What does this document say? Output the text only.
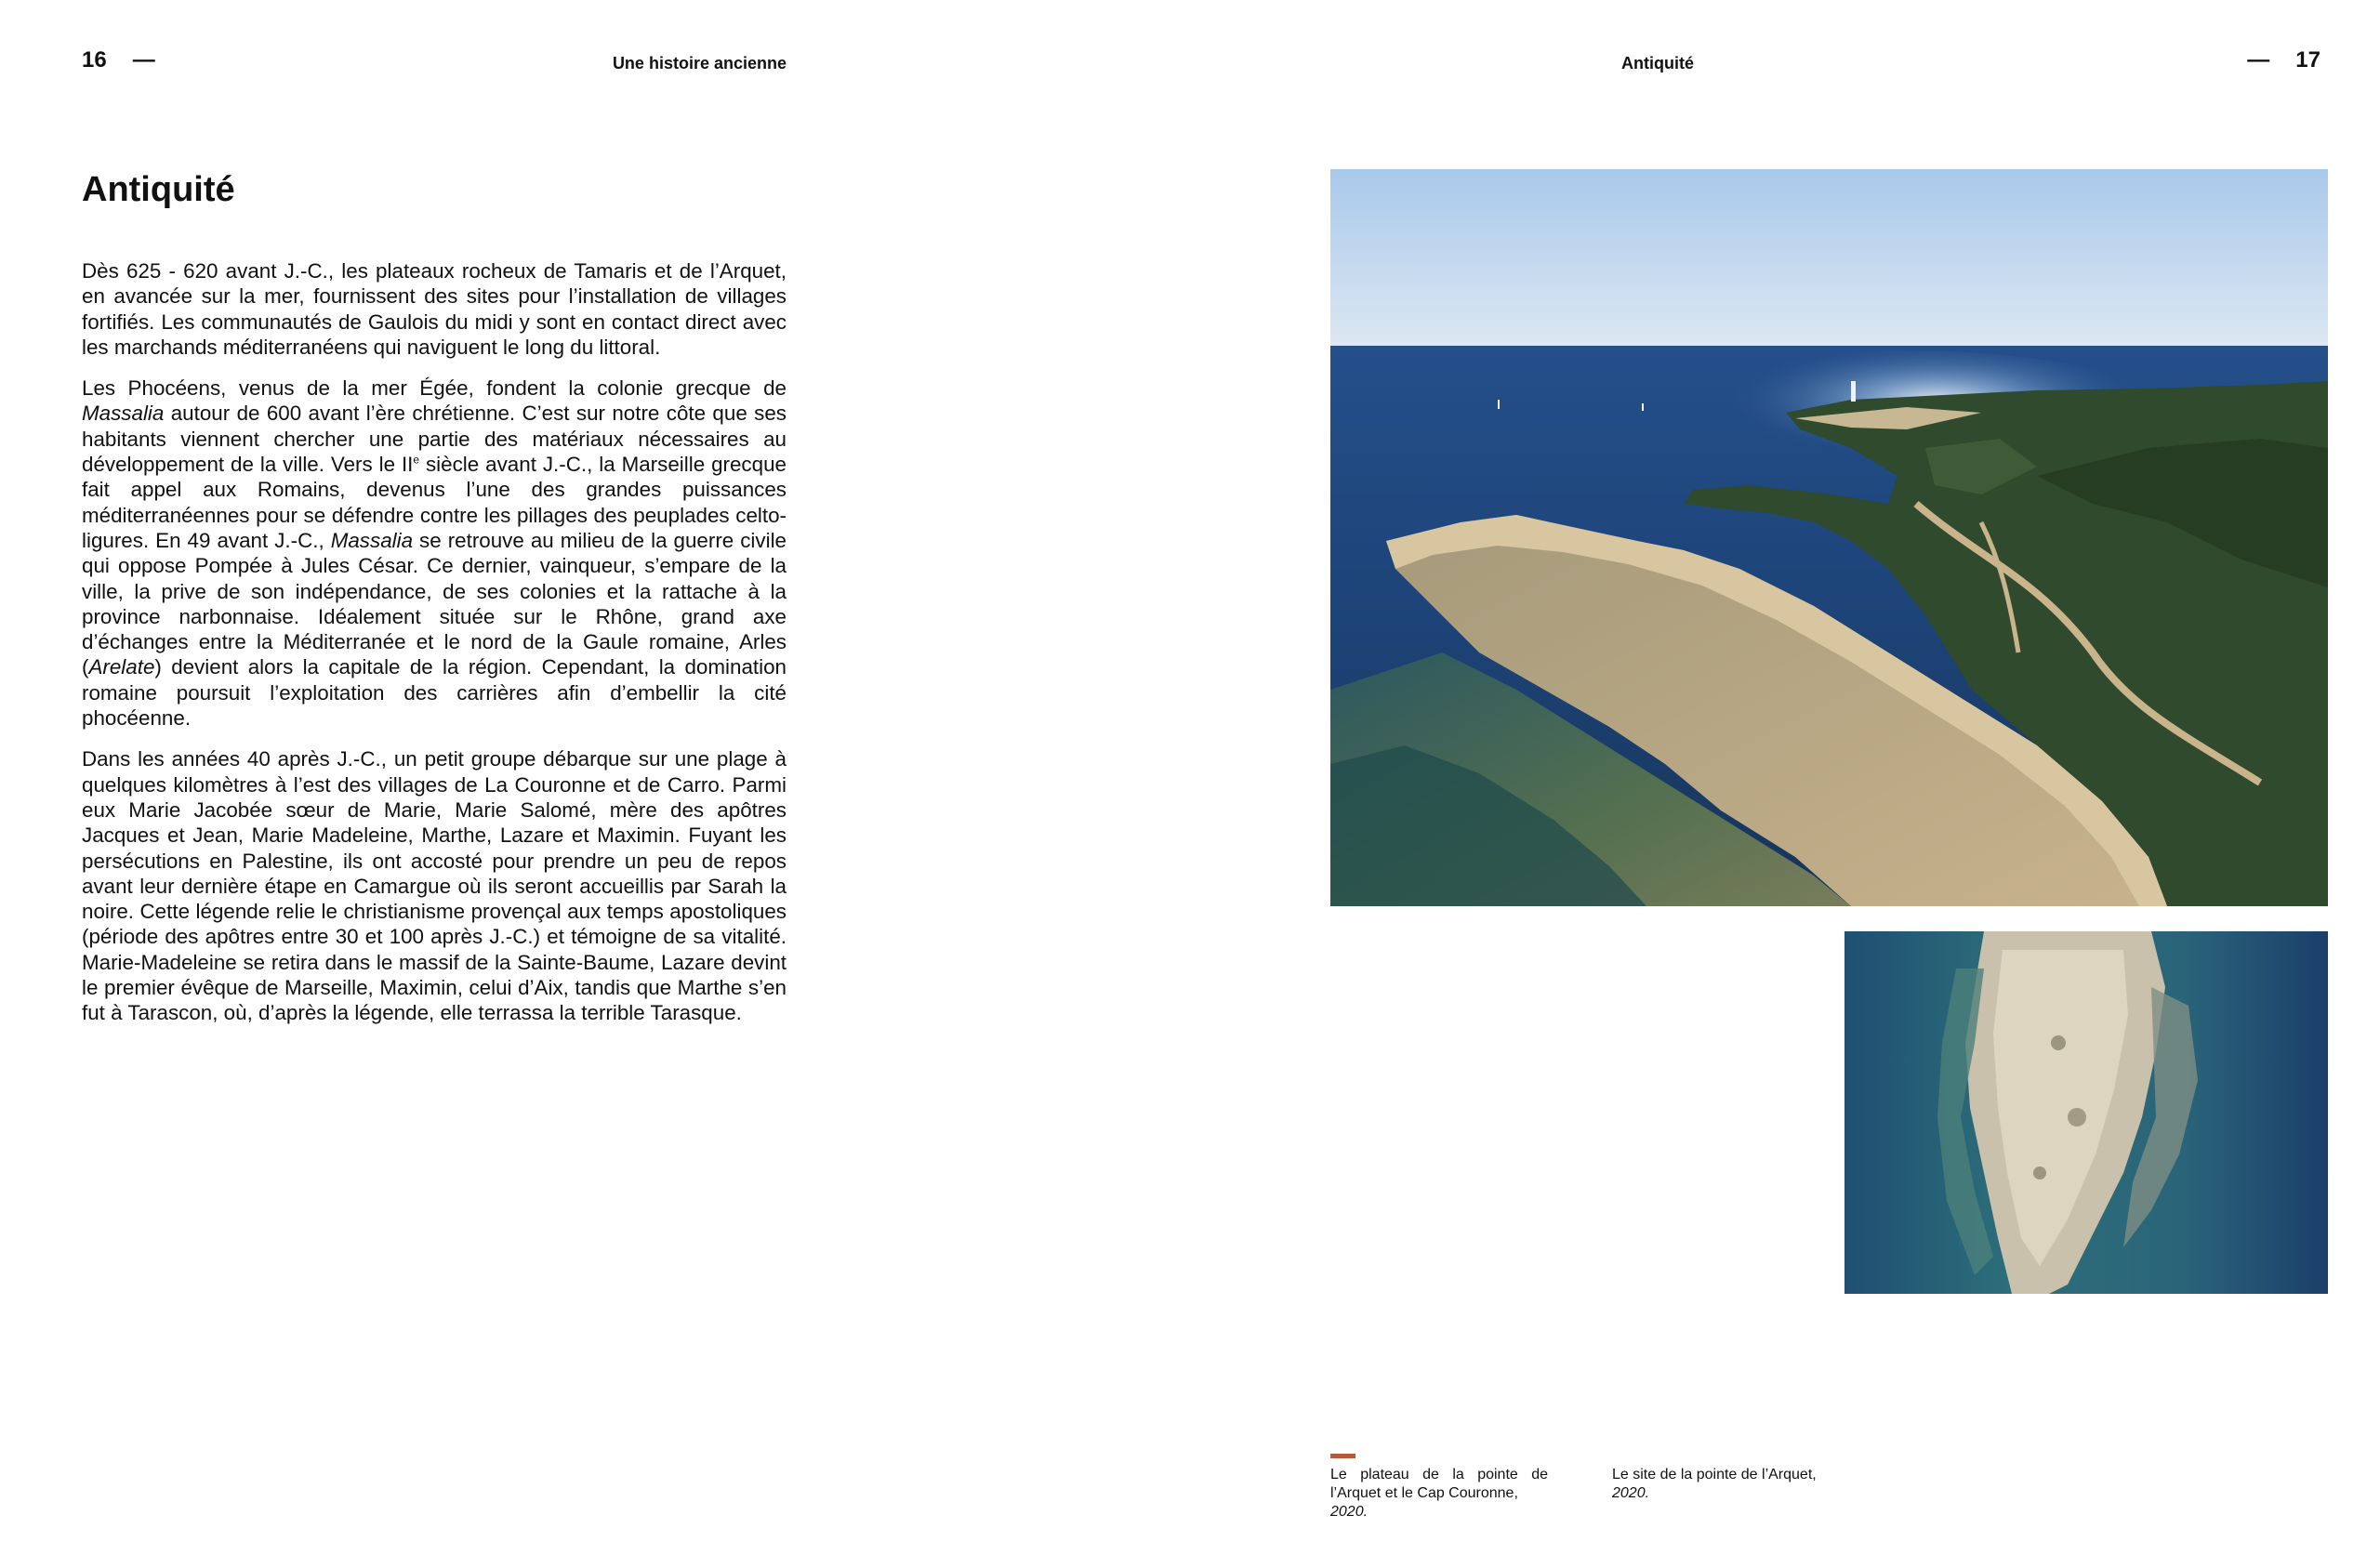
16 —	Une histoire ancienne
Antiquité

Dès 625 - 620 avant J.-C., les plateaux rocheux de Tamaris et de l’Arquet, en avancée sur la mer, fournissent des sites pour l’installation de villages fortifiés. Les communautés de Gaulois du midi y sont en contact direct avec les marchands méditerranéens qui naviguent le long du littoral.

Les Phocéens, venus de la mer Égée, fondent la colonie grecque de Massalia autour de 600 avant l’ère chrétienne. C’est sur notre côte que ses habitants viennent chercher une partie des matériaux nécessaires au développement de la ville. Vers le IIe siècle avant J.-C., la Marseille grecque fait appel aux Romains, devenus l’une des grandes puissances méditerranéennes pour se défendre contre les pillages des peuplades celto-ligures. En 49 avant J.-C., Massalia se retrouve au milieu de la guerre civile qui oppose Pompée à Jules César. Ce dernier, vainqueur, s’empare de la ville, la prive de son indépendance, de ses colonies et la rattache à la province narbonnaise. Idéalement située sur le Rhône, grand axe d’échanges entre la Méditerranée et le nord de la Gaule romaine, Arles (Arelate) devient alors la capitale de la région. Cependant, la domination romaine poursuit l’exploitation des carrières afin d’embellir la cité phocéenne.

Dans les années 40 après J.-C., un petit groupe débarque sur une plage à quelques kilomètres à l’est des villages de La Couronne et de Carro. Parmi eux Marie Jacobée sœur de Marie, Marie Salomé, mère des apôtres Jacques et Jean, Marie Madeleine, Marthe, Lazare et Maximin. Fuyant les persécutions en Palestine, ils ont accosté pour prendre un peu de repos avant leur dernière étape en Camargue où ils seront accueillis par Sarah la noire. Cette légende relie le christianisme provençal aux temps apostoliques (période des apôtres entre 30 et 100 après J.-C.) et témoigne de sa vitalité. Marie-Madeleine se retira dans le massif de la Sainte-Baume, Lazare devint le premier évêque de Marseille, Maximin, celui d’Aix, tandis que Marthe s’en fut à Tarascon, où, d’après la légende, elle terrassa la terrible Tarasque.

Antiquité	— 17
Le plateau de la pointe de l’Arquet et le Cap Couronne,
2020.
Le site de la pointe de l’Arquet,
2020.
